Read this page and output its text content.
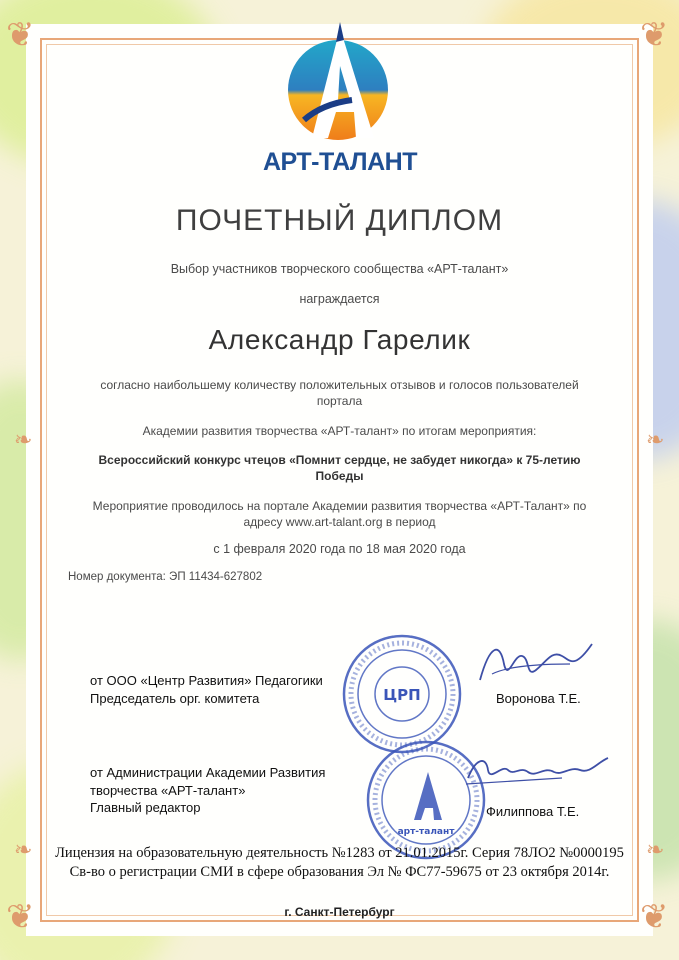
❦	❦
❦	❦
❧	❧
❧	❧
АРТ-ТАЛАНТ
ПОЧЕТНЫЙ ДИПЛОМ
Выбор участников творческого сообщества «АРТ-талант»
награждается
Александр Гарелик
согласно наибольшему количеству положительных отзывов и голосов пользователей
портала
Академии развития творчества «АРТ-талант» по итогам мероприятия:
Всероссийский конкурс чтецов «Помнит сердце, не забудет никогда» к 75-летию
Победы
Мероприятие проводилось на портале Академии развития творчества «АРТ-Талант» по
адресу www.art-talant.org в период
с 1 февраля 2020 года по 18 мая 2020 года
Номер документа: ЭП 11434-627802
от ООО «Центр Развития» Педагогики
Председатель орг. комитета	ЦРП	Воронова Т.Е.
от Администрации Академии Развития
творчества «АРТ-талант»
Главный редактор
арт-талант
Филиппова Т.Е.
Лицензия на образовательную деятельность №1283 от 21.01.2015г. Серия 78ЛО2 №0000195
Св-во о регистрации СМИ в сфере образования Эл № ФС77-59675 от 23 октября 2014г.
г. Санкт-Петербург
